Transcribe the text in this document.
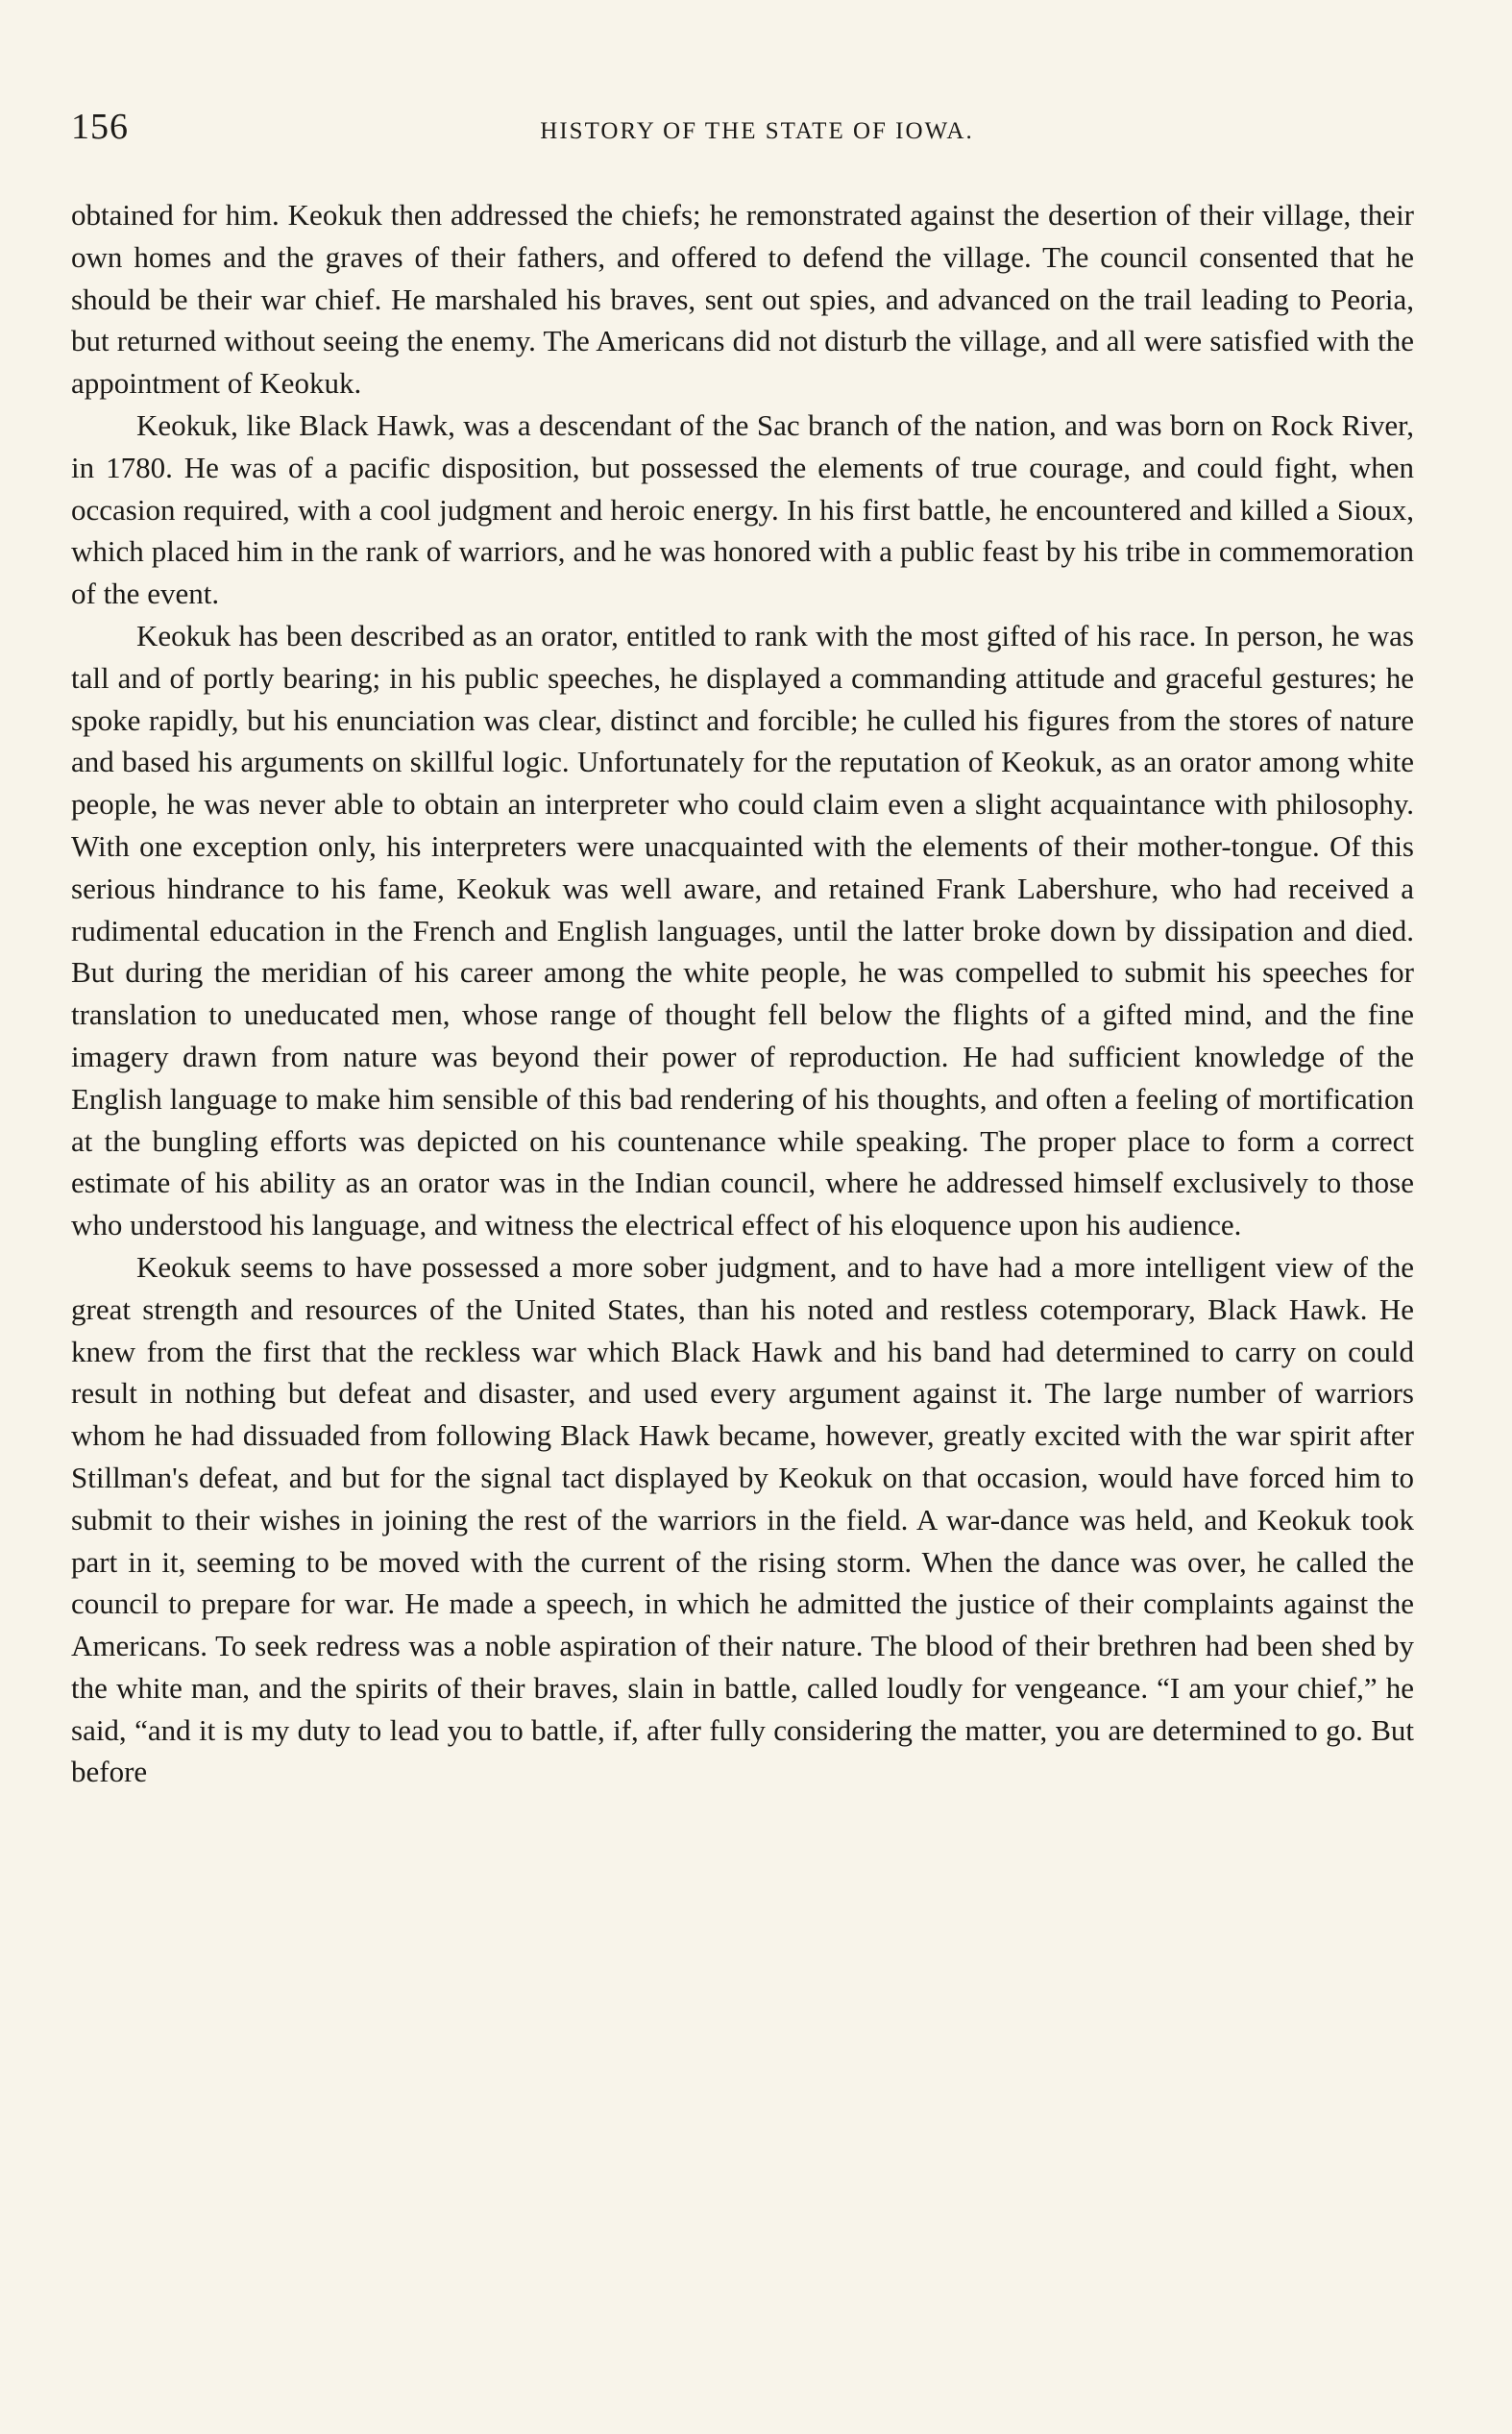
156	HISTORY OF THE STATE OF IOWA.

obtained for him. Keokuk then addressed the chiefs; he remonstrated against the desertion of their village, their own homes and the graves of their fathers, and offered to defend the village. The council consented that he should be their war chief. He marshaled his braves, sent out spies, and advanced on the trail leading to Peoria, but returned without seeing the enemy. The Americans did not disturb the village, and all were satisfied with the appointment of Keokuk.

Keokuk, like Black Hawk, was a descendant of the Sac branch of the nation, and was born on Rock River, in 1780. He was of a pacific disposition, but possessed the elements of true courage, and could fight, when occasion required, with a cool judgment and heroic energy. In his first battle, he encountered and killed a Sioux, which placed him in the rank of warriors, and he was honored with a public feast by his tribe in commemoration of the event.

Keokuk has been described as an orator, entitled to rank with the most gifted of his race. In person, he was tall and of portly bearing; in his public speeches, he displayed a commanding attitude and graceful gestures; he spoke rapidly, but his enunciation was clear, distinct and forcible; he culled his figures from the stores of nature and based his arguments on skillful logic. Unfortunately for the reputation of Keokuk, as an orator among white people, he was never able to obtain an interpreter who could claim even a slight acquaintance with philosophy. With one exception only, his interpreters were unacquainted with the elements of their mother-tongue. Of this serious hindrance to his fame, Keokuk was well aware, and retained Frank Labershure, who had received a rudimental education in the French and English languages, until the latter broke down by dissipation and died. But during the meridian of his career among the white people, he was compelled to submit his speeches for translation to uneducated men, whose range of thought fell below the flights of a gifted mind, and the fine imagery drawn from nature was beyond their power of reproduction. He had sufficient knowledge of the English language to make him sensible of this bad rendering of his thoughts, and often a feeling of mortification at the bungling efforts was depicted on his countenance while speaking. The proper place to form a correct estimate of his ability as an orator was in the Indian council, where he addressed himself exclusively to those who understood his language, and witness the electrical effect of his eloquence upon his audience.

Keokuk seems to have possessed a more sober judgment, and to have had a more intelligent view of the great strength and resources of the United States, than his noted and restless cotemporary, Black Hawk. He knew from the first that the reckless war which Black Hawk and his band had determined to carry on could result in nothing but defeat and disaster, and used every argument against it. The large number of warriors whom he had dissuaded from following Black Hawk became, however, greatly excited with the war spirit after Stillman's defeat, and but for the signal tact displayed by Keokuk on that occasion, would have forced him to submit to their wishes in joining the rest of the warriors in the field. A war-dance was held, and Keokuk took part in it, seeming to be moved with the current of the rising storm. When the dance was over, he called the council to prepare for war. He made a speech, in which he admitted the justice of their complaints against the Americans. To seek redress was a noble aspiration of their nature. The blood of their brethren had been shed by the white man, and the spirits of their braves, slain in battle, called loudly for vengeance. “I am your chief,” he said, “and it is my duty to lead you to battle, if, after fully considering the matter, you are determined to go. But before
